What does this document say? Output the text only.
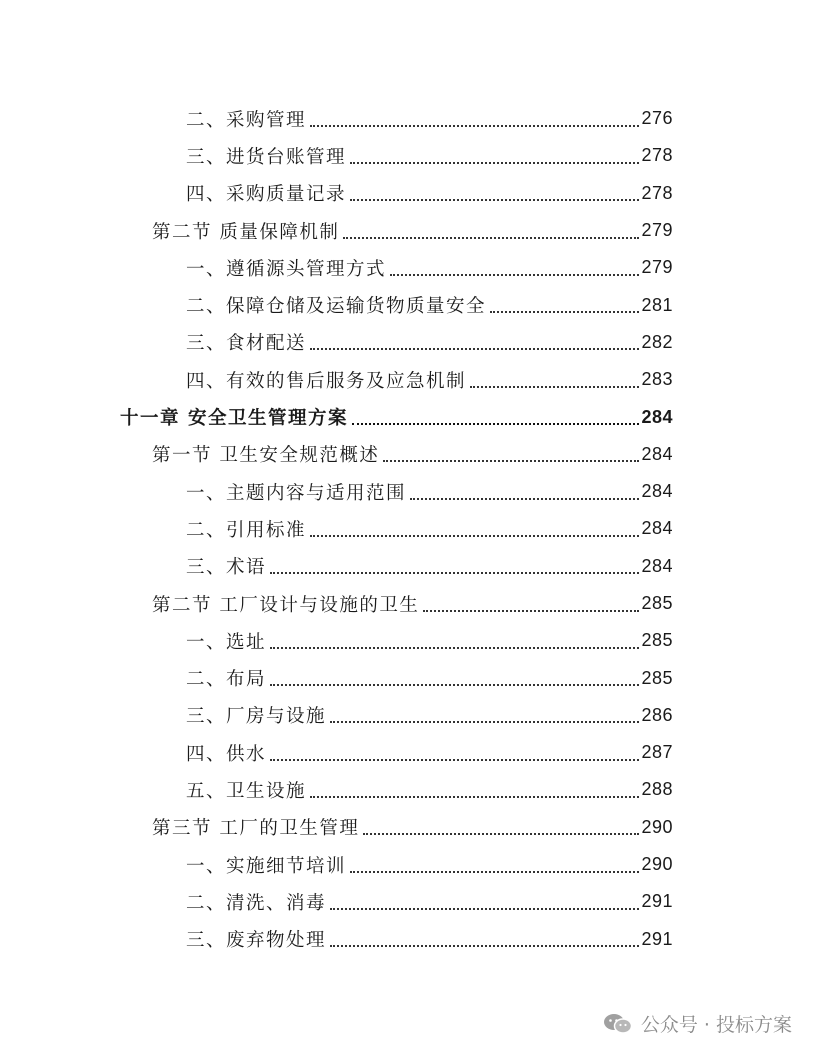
二、采购管理	276
三、进货台账管理	278
四、采购质量记录	278
第二节 质量保障机制	279
一、遵循源头管理方式	279
二、保障仓储及运输货物质量安全	281
三、食材配送	282
四、有效的售后服务及应急机制	283
十一章 安全卫生管理方案	284
第一节 卫生安全规范概述	284
一、主题内容与适用范围	284
二、引用标准	284
三、术语	284
第二节 工厂设计与设施的卫生	285
一、选址	285
二、布局	285
三、厂房与设施	286
四、供水	287
五、卫生设施	288
第三节 工厂的卫生管理	290
一、实施细节培训	290
二、清洗、消毒	291
三、废弃物处理	291
公众号 · 投标方案
